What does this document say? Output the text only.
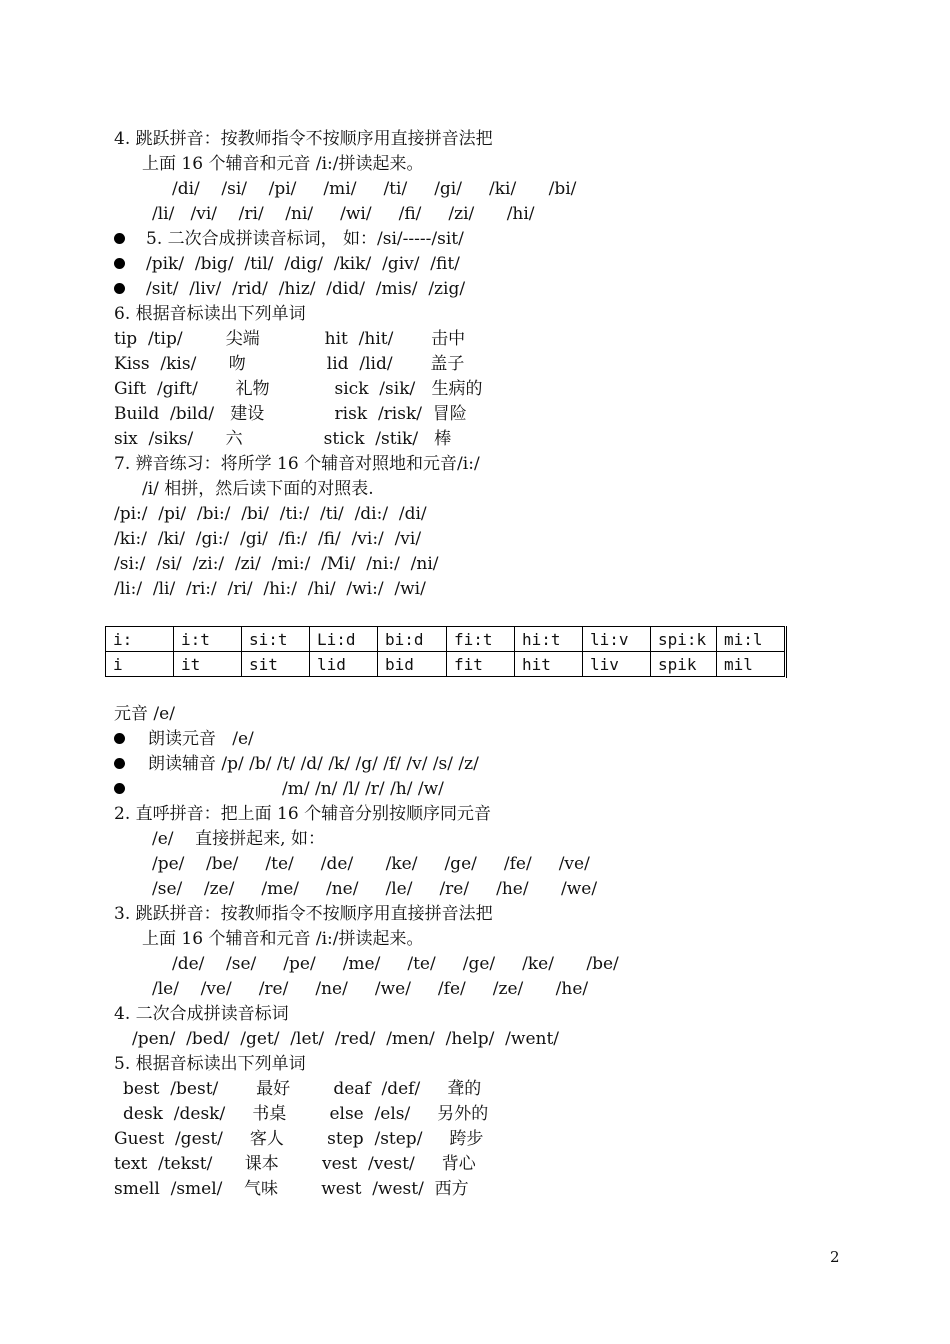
4. 跳跃拼音：按教师指令不按顺序用直接拼音法把
上面 16 个辅音和元音 /i:/拼读起来。
/di/    /si/    /pi/     /mi/     /ti/     /gi/     /ki/      /bi/
/li/   /vi/    /ri/    /ni/     /wi/     /fi/     /zi/      /hi/
5. 二次合成拼读音标词， 如：/si/-----/sit/
/pik/  /big/  /til/  /dig/  /kik/  /giv/  /fit/
/sit/  /liv/  /rid/  /hiz/  /did/  /mis/  /zig/
6. 根据音标读出下列单词
tip  /tip/        尖端            hit  /hit/       击中
Kiss  /kis/      吻               lid  /lid/       盖子
Gift  /gift/       礼物            sick  /sik/   生病的
Build  /bild/   建设             risk  /risk/  冒险
six  /siks/      六               stick  /stik/   棒
7. 辨音练习：将所学 16 个辅音对照地和元音/i:/
/i/ 相拼，然后读下面的对照表.
/pi:/  /pi/  /bi:/  /bi/  /ti:/  /ti/  /di:/  /di/
/ki:/  /ki/  /gi:/  /gi/  /fi:/  /fi/  /vi:/  /vi/
/si:/  /si/  /zi:/  /zi/  /mi:/  /Mi/  /ni:/  /ni/
/li:/  /li/  /ri:/  /ri/  /hi:/  /hi/  /wi:/  /wi/
i:	i:t	si:t	Li:d	bi:d	fi:t	hi:t	li:v	spi:k	mi:l
i	it	sit	lid	bid	fit	hit	liv	spik	mil
元音 /e/
朗读元音   /e/
朗读辅音 /p/ /b/ /t/ /d/ /k/ /g/ /f/ /v/ /s/ /z/
/m/ /n/ /l/ /r/ /h/ /w/
2. 直呼拼音：把上面 16 个辅音分别按顺序同元音
/e/    直接拼起来, 如：
/pe/    /be/     /te/     /de/      /ke/     /ge/     /fe/     /ve/
/se/    /ze/     /me/     /ne/     /le/     /re/     /he/      /we/
3. 跳跃拼音：按教师指令不按顺序用直接拼音法把
上面 16 个辅音和元音 /i:/拼读起来。
/de/    /se/     /pe/     /me/     /te/     /ge/     /ke/      /be/
/le/    /ve/     /re/     /ne/     /we/     /fe/     /ze/      /he/
4. 二次合成拼读音标词
/pen/  /bed/  /get/  /let/  /red/  /men/  /help/  /went/
5. 根据音标读出下列单词
best  /best/       最好        deaf  /def/     聋的
desk  /desk/     书桌        else  /els/     另外的
Guest  /gest/     客人        step  /step/     跨步
text  /tekst/      课本        vest  /vest/     背心
smell  /smel/    气味        west  /west/  西方
2
